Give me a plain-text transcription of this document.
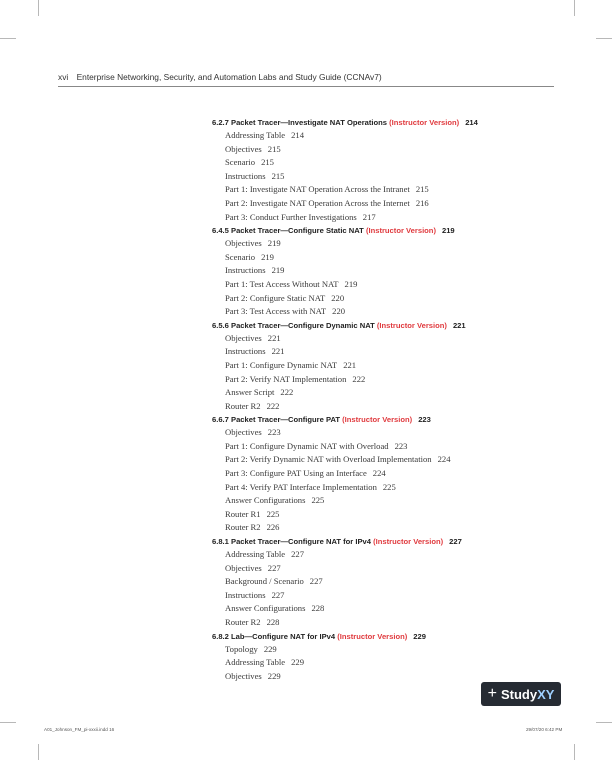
xvi Enterprise Networking, Security, and Automation Labs and Study Guide (CCNAv7)
6.2.7 Packet Tracer—Investigate NAT Operations (Instructor Version) 214
Addressing Table 214
Objectives 215
Scenario 215
Instructions 215
Part 1: Investigate NAT Operation Across the Intranet 215
Part 2: Investigate NAT Operation Across the Internet 216
Part 3: Conduct Further Investigations 217
6.4.5 Packet Tracer—Configure Static NAT (Instructor Version) 219
Objectives 219
Scenario 219
Instructions 219
Part 1: Test Access Without NAT 219
Part 2: Configure Static NAT 220
Part 3: Test Access with NAT 220
6.5.6 Packet Tracer—Configure Dynamic NAT (Instructor Version) 221
Objectives 221
Instructions 221
Part 1: Configure Dynamic NAT 221
Part 2: Verify NAT Implementation 222
Answer Script 222
Router R2 222
6.6.7 Packet Tracer—Configure PAT (Instructor Version) 223
Objectives 223
Part 1: Configure Dynamic NAT with Overload 223
Part 2: Verify Dynamic NAT with Overload Implementation 224
Part 3: Configure PAT Using an Interface 224
Part 4: Verify PAT Interface Implementation 225
Answer Configurations 225
Router R1 225
Router R2 226
6.8.1 Packet Tracer—Configure NAT for IPv4 (Instructor Version) 227
Addressing Table 227
Objectives 227
Background / Scenario 227
Instructions 227
Answer Configurations 228
Router R2 228
6.8.2 Lab—Configure NAT for IPv4 (Instructor Version) 229
Topology 229
Addressing Table 229
Objectives 229
+ Study XY
A01_Johnson_FM_pi-xxxii.indd 16	29/07/20 6:42 PM
